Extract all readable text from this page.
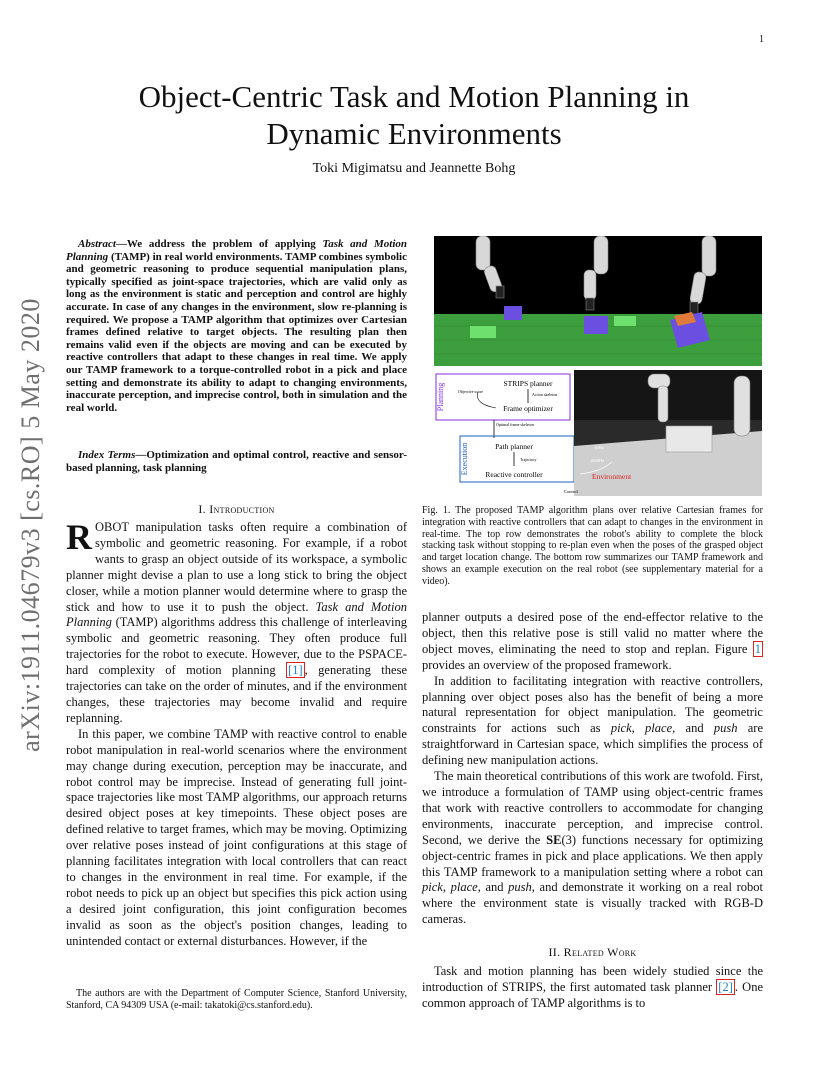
1
Object-Centric Task and Motion Planning in
Dynamic Environments
Toki Migimatsu and Jeannette Bohg
arXiv:1911.04679v3 [cs.RO] 5 May 2020
Abstract—We address the problem of applying Task and Motion Planning (TAMP) in real world environments. TAMP combines symbolic and geometric reasoning to produce sequential manipulation plans, typically specified as joint-space trajectories, which are valid only as long as the environment is static and perception and control are highly accurate. In case of any changes in the environment, slow re-planning is required. We propose a TAMP algorithm that optimizes over Cartesian frames defined relative to target objects. The resulting plan then remains valid even if the objects are moving and can be executed by reactive controllers that adapt to these changes in real time. We apply our TAMP framework to a torque-controlled robot in a pick and place setting and demonstrate its ability to adapt to changing environments, inaccurate perception, and imprecise control, both in simulation and the real world.
Index Terms—Optimization and optimal control, reactive and sensor-based planning, task planning
I. Introduction

ROBOT manipulation tasks often require a combination of symbolic and geometric reasoning. For example, if a robot wants to grasp an object outside of its workspace, a symbolic planner might devise a plan to use a long stick to bring the object closer, while a motion planner would determine where to grasp the stick and how to use it to push the object. Task and Motion Planning (TAMP) algorithms address this challenge of interleaving symbolic and geometric reasoning. They often produce full trajectories for the robot to execute. However, due to the PSPACE-hard complexity of motion planning [1] , generating these trajectories can take on the order of minutes, and if the environment changes, these trajectories may become invalid and require replanning.

In this paper, we combine TAMP with reactive control to enable robot manipulation in real-world scenarios where the environment may change during execution, perception may be inaccurate, and robot control may be imprecise. Instead of generating full joint-space trajectories like most TAMP algorithms, our approach returns desired object poses at key timepoints. These object poses are defined relative to target frames, which may be moving. Optimizing over relative poses instead of joint configurations at this stage of planning facilitates integration with local controllers that can react to changes in the environment in real time. For example, if the robot needs to pick up an object but specifies this pick action using a desired joint configuration, this joint configuration becomes invalid as soon as the object's position changes, leading to unintended contact or external disturbances. However, if the

The authors are with the Department of Computer Science, Stanford University, Stanford, CA 94309 USA (e-mail: takatoki@cs.stanford.edu).
Planning	STRIPS planner
Objective score
Action skeleton
Frame optimizer
Optimal frame skeleton
Execution	Path planner
Trajectory
Reactive controller
10Hz
1000Hz
Environment
Control
Fig. 1. The proposed TAMP algorithm plans over relative Cartesian frames for integration with reactive controllers that can adapt to changes in the environment in real-time. The top row demonstrates the robot's ability to complete the block stacking task without stopping to re-plan even when the poses of the grasped object and target location change. The bottom row summarizes our TAMP framework and shows an example execution on the real robot (see supplementary material for a video).

planner outputs a desired pose of the end-effector relative to the object, then this relative pose is still valid no matter where the object moves, eliminating the need to stop and replan. Figure 1 provides an overview of the proposed framework.

In addition to facilitating integration with reactive controllers, planning over object poses also has the benefit of being a more natural representation for object manipulation. The geometric constraints for actions such as pick, place, and push are straightforward in Cartesian space, which simplifies the process of defining new manipulation actions.

The main theoretical contributions of this work are twofold. First, we introduce a formulation of TAMP using object-centric frames that work with reactive controllers to accommodate for changing environments, inaccurate perception, and imprecise control. Second, we derive the SE(3) functions necessary for optimizing object-centric frames in pick and place applications. We then apply this TAMP framework to a manipulation setting where a robot can pick, place, and push, and demonstrate it working on a real robot where the environment state is visually tracked with RGB-D cameras.

II. Related Work

Task and motion planning has been widely studied since the introduction of STRIPS, the first automated task planner [2] . One common approach of TAMP algorithms is to
